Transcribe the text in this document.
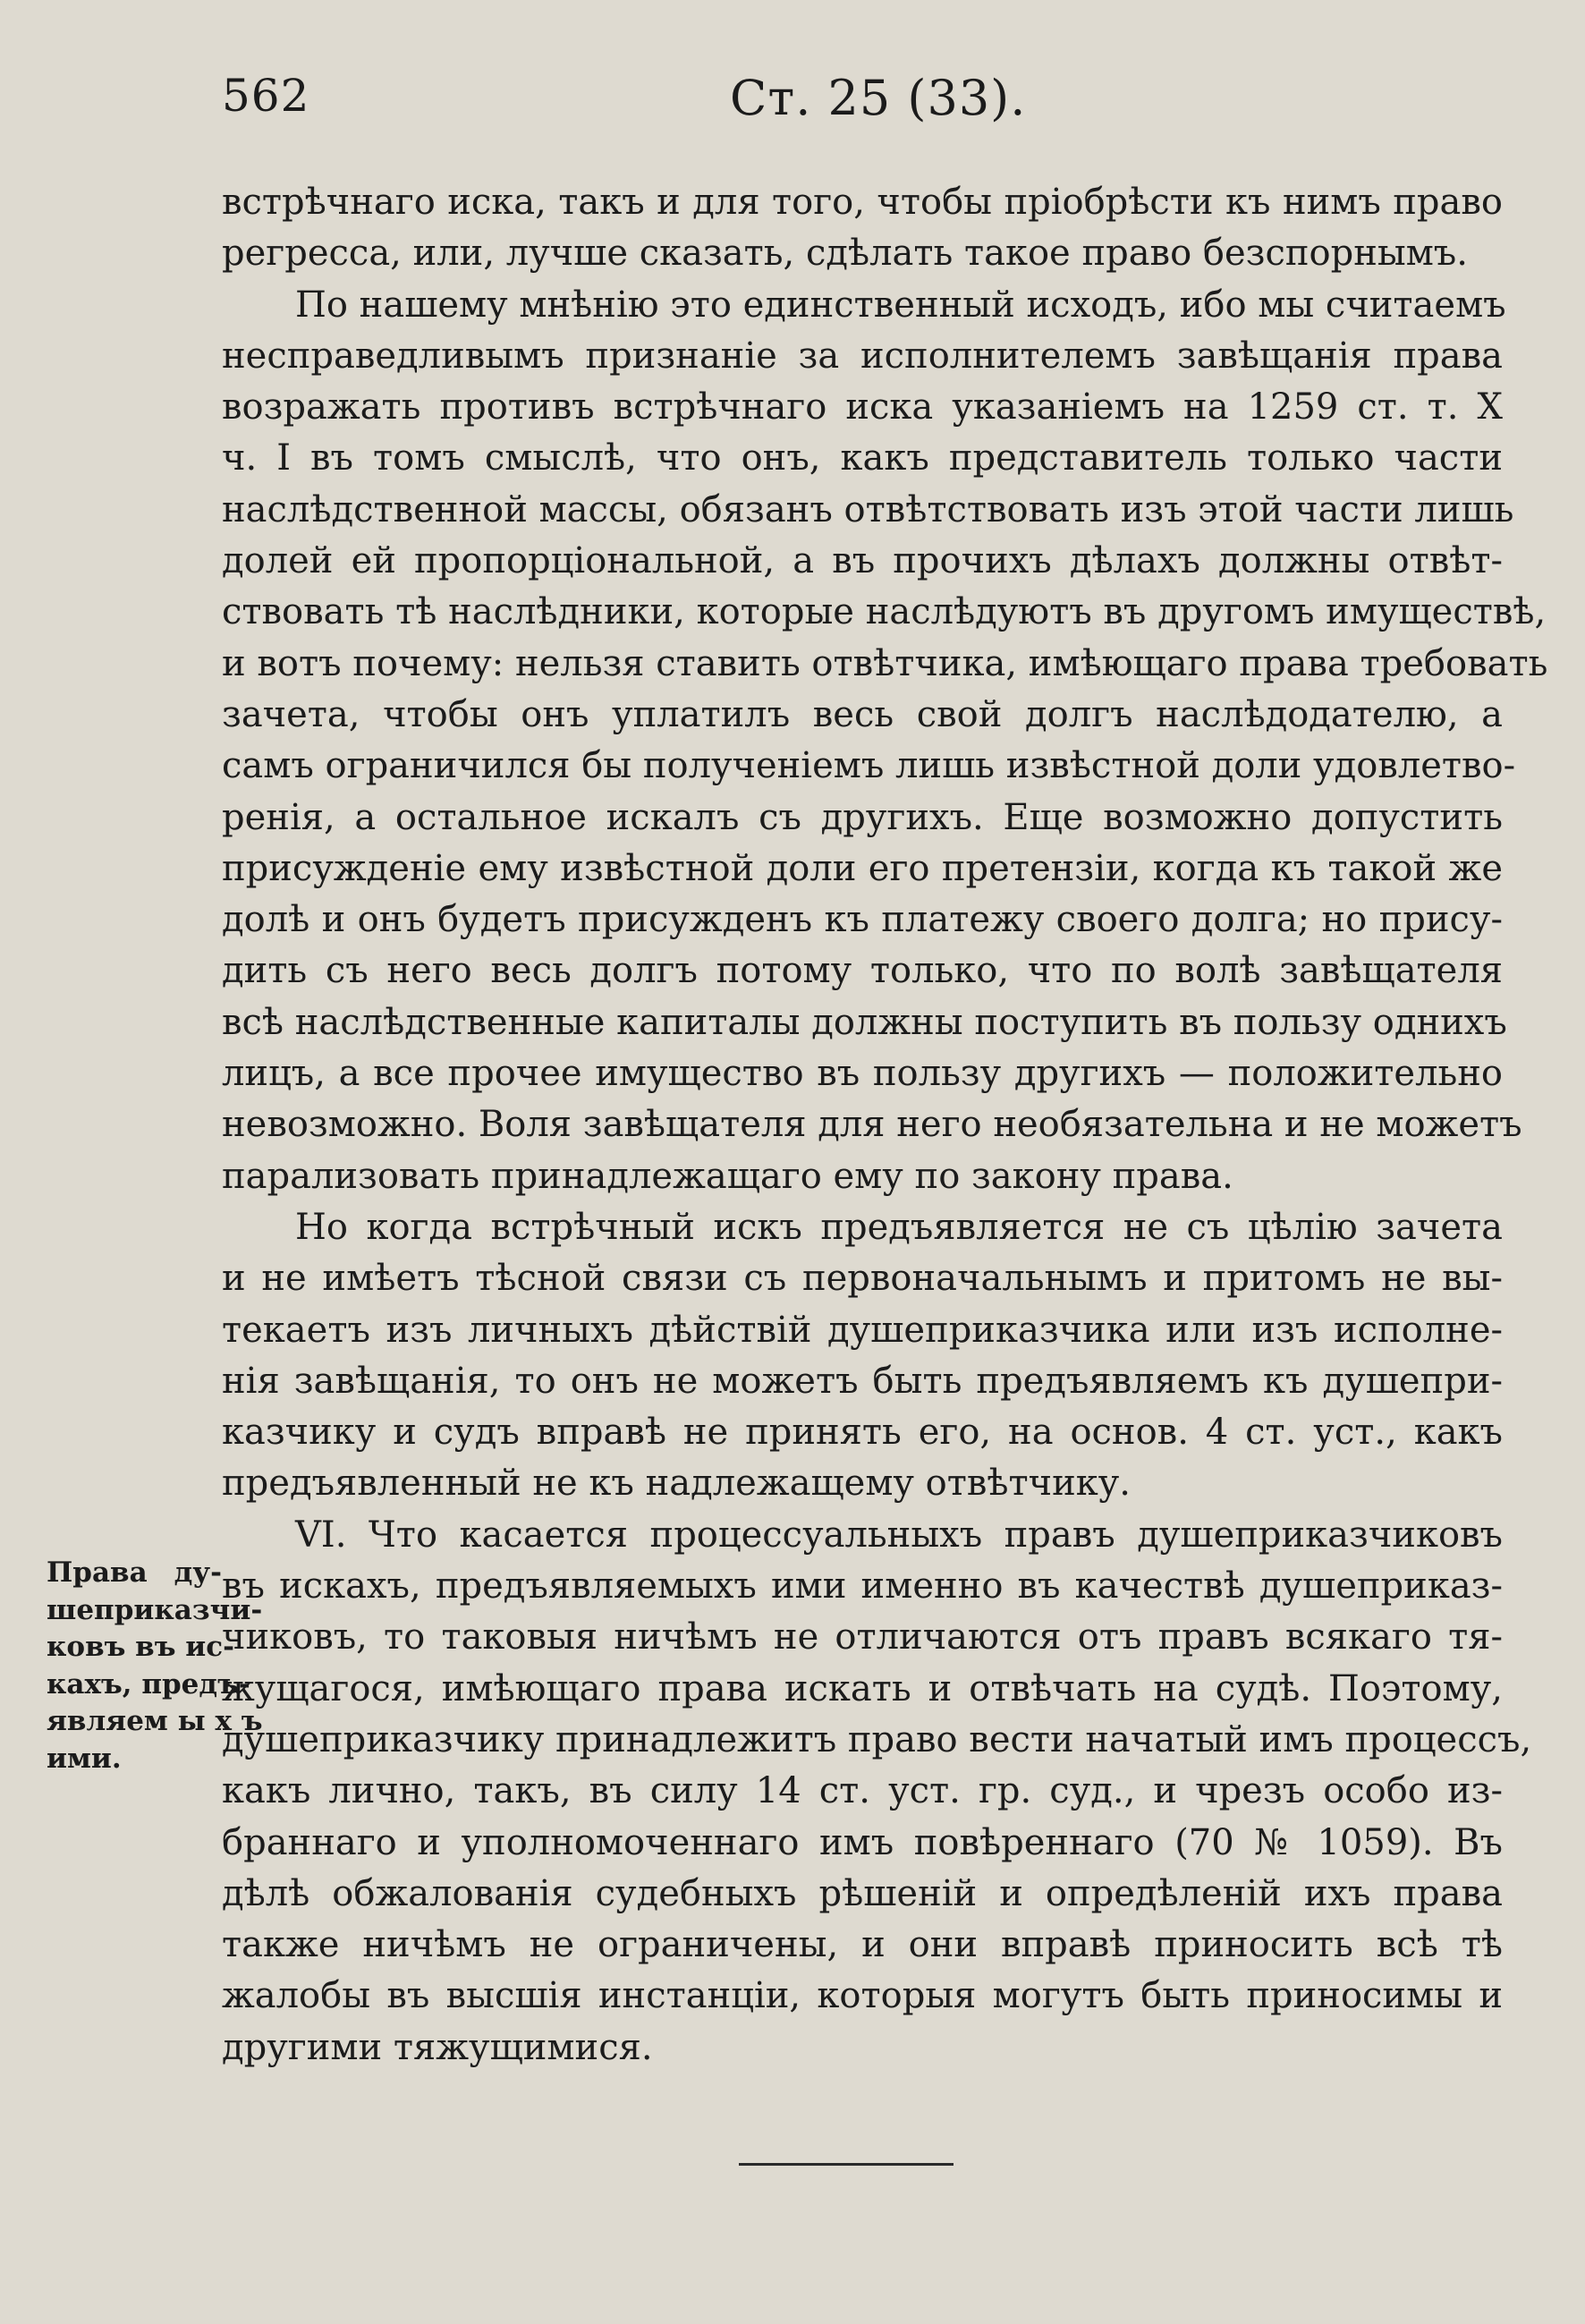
562	Ст. 25 (33).
Права ду-
шеприказчи-
ковъ въ ис-
кахъ, предъ-
являем ы х ъ
ими.
встрѣчнаго иска, такъ и для того, чтобы пріобрѣсти къ нимъ право
регресса, или, лучше сказать, сдѣлать такое право безспорнымъ.
По нашему мнѣнію это единственный исходъ, ибо мы считаемъ
несправедливымъ признаніе за исполнителемъ завѣщанія права
возражать противъ встрѣчнаго иска указаніемъ на 1259 ст. т. X
ч. I въ томъ смыслѣ, что онъ, какъ представитель только части
наслѣдственной массы, обязанъ отвѣтствовать изъ этой части лишь
долей ей пропорціональной, а въ прочихъ дѣлахъ должны отвѣт-
ствовать тѣ наслѣдники, которые наслѣдуютъ въ другомъ имуществѣ,
и вотъ почему: нельзя ставить отвѣтчика, имѣющаго права требовать
зачета, чтобы онъ уплатилъ весь свой долгъ наслѣдодателю, а
самъ ограничился бы полученіемъ лишь извѣстной доли удовлетво-
ренія, а остальное искалъ съ другихъ. Еще возможно допустить
присужденіе ему извѣстной доли его претензіи, когда къ такой же
долѣ и онъ будетъ присужденъ къ платежу своего долга; но прису-
дить съ него весь долгъ потому только, что по волѣ завѣщателя
всѣ наслѣдственные капиталы должны поступить въ пользу однихъ
лицъ, а все прочее имущество въ пользу другихъ — положительно
невозможно. Воля завѣщателя для него необязательна и не можетъ
парализовать принадлежащаго ему по закону права.
Но когда встрѣчный искъ предъявляется не съ цѣлію зачета
и не имѣетъ тѣсной связи съ первоначальнымъ и притомъ не вы-
текаетъ изъ личныхъ дѣйствій душеприказчика или изъ исполне-
нія завѣщанія, то онъ не можетъ быть предъявляемъ къ душепри-
казчику и судъ вправѣ не принять его, на основ. 4 ст. уст., какъ
предъявленный не къ надлежащему отвѣтчику.
VI. Что касается процессуальныхъ правъ душеприказчиковъ
въ искахъ, предъявляемыхъ ими именно въ качествѣ душеприказ-
чиковъ, то таковыя ничѣмъ не отличаются отъ правъ всякаго тя-
жущагося, имѣющаго права искать и отвѣчать на судѣ. Поэтому,
душеприказчику принадлежитъ право вести начатый имъ процессъ,
какъ лично, такъ, въ силу 14 ст. уст. гр. суд., и чрезъ особо из-
браннаго и уполномоченнаго имъ повѣреннаго (70 № 1059). Въ
дѣлѣ обжалованія судебныхъ рѣшеній и опредѣленій ихъ права
также ничѣмъ не ограничены, и они вправѣ приносить всѣ тѣ
жалобы въ высшія инстанціи, которыя могутъ быть приносимы и
другими тяжущимися.
